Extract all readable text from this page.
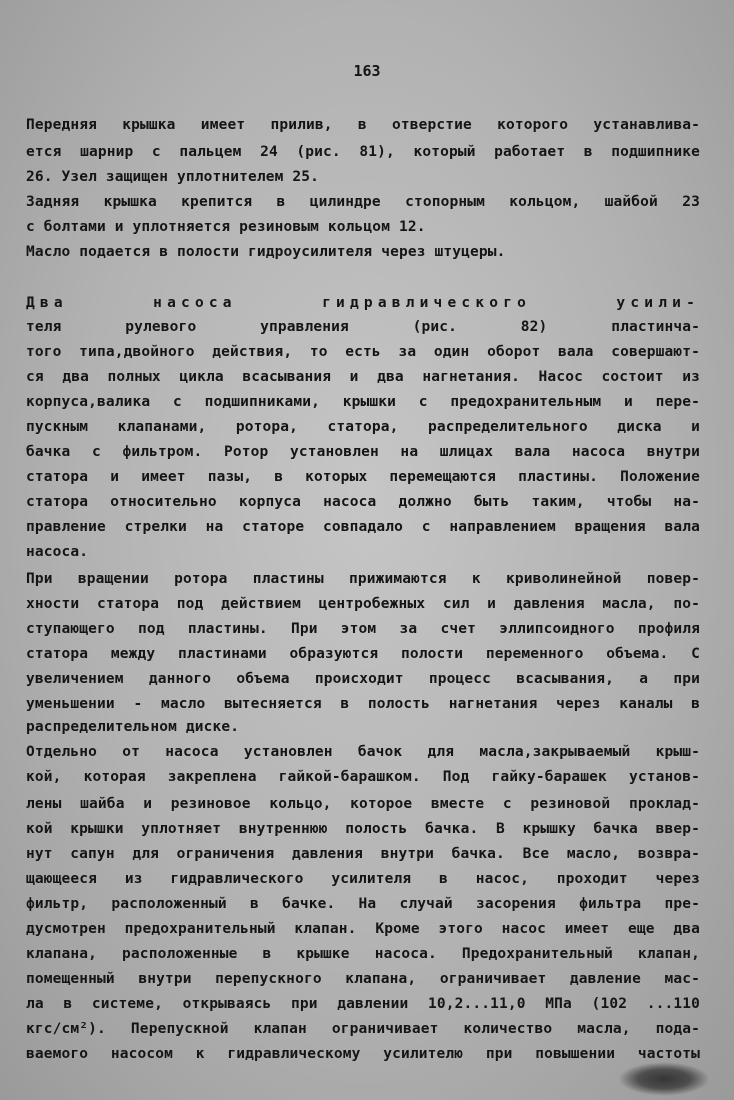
163
Передняя крышка имеет прилив, в отверстие которого устанавлива-
ется шарнир с пальцем 24 (рис. 81), который работает в подшипнике
26. Узел защищен уплотнителем 25.
Задняя крышка крепится в цилиндре стопорным кольцом, шайбой 23
с болтами и уплотняется резиновым кольцом 12.
Масло подается в полости гидроусилителя через штуцеры.
Два насоса гидравлического усили-
теля рулевого управления (рис. 82) пластинча-
того типа,двойного действия, то есть за один оборот вала совершают-
ся два полных цикла всасывания и два нагнетания. Насос состоит из
корпуса,валика с подшипниками, крышки с предохранительным и пере-
пускным клапанами, ротора, статора, распределительного диска и
бачка с фильтром. Ротор установлен на шлицах вала насоса внутри
статора и имеет пазы, в которых перемещаются пластины. Положение
статора относительно корпуса насоса должно быть таким, чтобы на-
правление стрелки на статоре совпадало с направлением вращения вала
насоса.
При вращении ротора пластины прижимаются к криволинейной повер-
хности статора под действием центробежных сил и давления масла, по-
ступающего под пластины. При этом за счет эллипсоидного профиля
статора между пластинами образуются полости переменного объема. С
увеличением данного объема происходит процесс всасывания, а при
уменьшении - масло вытесняется в полость нагнетания через каналы в
распределительном диске.
Отдельно от насоса установлен бачок для масла,закрываемый крыш-
кой, которая закреплена гайкой-барашком. Под гайку-барашек установ-
лены шайба и резиновое кольцо, которое вместе с резиновой проклад-
кой крышки уплотняет внутреннюю полость бачка. В крышку бачка ввер-
нут сапун для ограничения давления внутри бачка. Все масло, возвра-
щающееся из гидравлического усилителя в насос, проходит через
фильтр, расположенный в бачке. На случай засорения фильтра пре-
дусмотрен предохранительный клапан. Кроме этого насос имеет еще два
клапана, расположенные в крышке насоса. Предохранительный клапан,
помещенный внутри перепускного клапана, ограничивает давление мас-
ла в системе, открываясь при давлении 10,2...11,0 МПа (102 ...110
кгс/см²). Перепускной клапан ограничивает количество масла, пода-
ваемого насосом к гидравлическому усилителю при повышении частоты
